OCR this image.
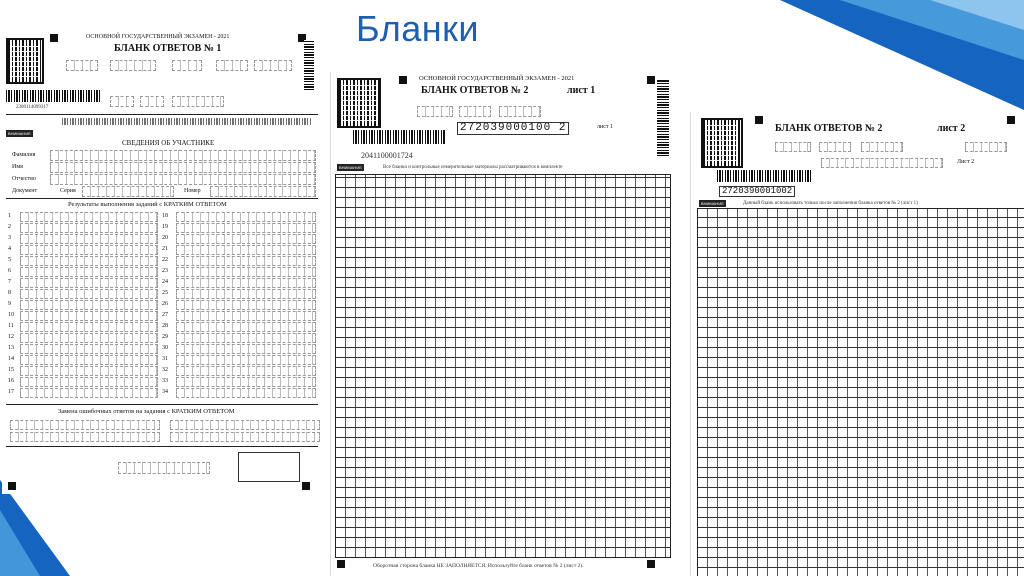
Бланки
ОСНОВНОЙ ГОСУДАРСТВЕННЫЙ ЭКЗАМЕН - 2021
БЛАНК ОТВЕТОВ № 1
2300114099317
ВНИМАНИЕ
СВЕДЕНИЯ ОБ УЧАСТНИКЕ
Фамилия
Имя
Отчество
Документ	Серия	Номер
Результаты выполнения заданий с КРАТКИМ ОТВЕТОМ
1
2
3
4
5
6
7
8
9
10
11
12
13
14
15
16
17
18
19
20
21
22
23
24
25
26
27
28
29
30
31
32
33
34
Замена ошибочных ответов на задания с КРАТКИМ ОТВЕТОМ
ОСНОВНОЙ ГОСУДАРСТВЕННЫЙ ЭКЗАМЕН - 2021
БЛАНК ОТВЕТОВ № 2	лист 1
272039000100 2	лист 1
2041100001724
ВНИМАНИЕ	Все бланки и контрольные измерительные материалы рассматриваются в комплекте
Оборотная сторона бланка НЕ ЗАПОЛНЯЕТСЯ. Используйте бланк ответов № 2 (лист 2).
БЛАНК ОТВЕТОВ № 2	лист 2
Лист 2
2720390001002
ВНИМАНИЕ	Данный бланк использовать только после заполнения бланка ответов № 2 (лист 1)
